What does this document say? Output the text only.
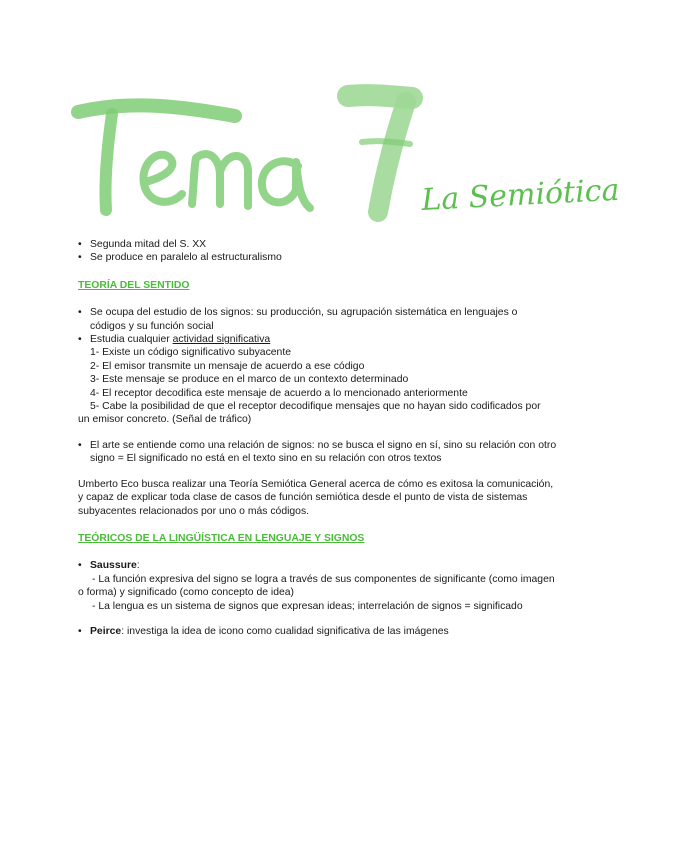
La Semiótica
• Segunda mitad del S. XX
• Se produce en paralelo al estructuralismo

TEORÍA DEL SENTIDO

• Se ocupa del estudio de los signos: su producción, su agrupación sistemática en lenguajes o
códigos y su función social
• Estudia cualquier actividad significativa
1- Existe un código significativo subyacente
2- El emisor transmite un mensaje de acuerdo a ese código
3- Este mensaje se produce en el marco de un contexto determinado
4- El receptor decodifica este mensaje de acuerdo a lo mencionado anteriormente
5- Cabe la posibilidad de que el receptor decodifique mensajes que no hayan sido codificados por
un emisor concreto. (Señal de tráfico)
• El arte se entiende como una relación de signos: no se busca el signo en sí, sino su relación con otro
signo = El significado no está en el texto sino en su relación con otros textos

Umberto Eco busca realizar una Teoría Semiótica General acerca de cómo es exitosa la comunicación,
y capaz de explicar toda clase de casos de función semiótica desde el punto de vista de sistemas
subyacentes relacionados por uno o más códigos.

TEÓRICOS DE LA LINGÜÍSTICA EN LENGUAJE Y SIGNOS

• Saussure:
- La función expresiva del signo se logra a través de sus componentes de significante (como imagen
o forma) y significado (como concepto de idea)
- La lengua es un sistema de signos que expresan ideas; interrelación de signos = significado
• Peirce: investiga la idea de icono como cualidad significativa de las imágenes
